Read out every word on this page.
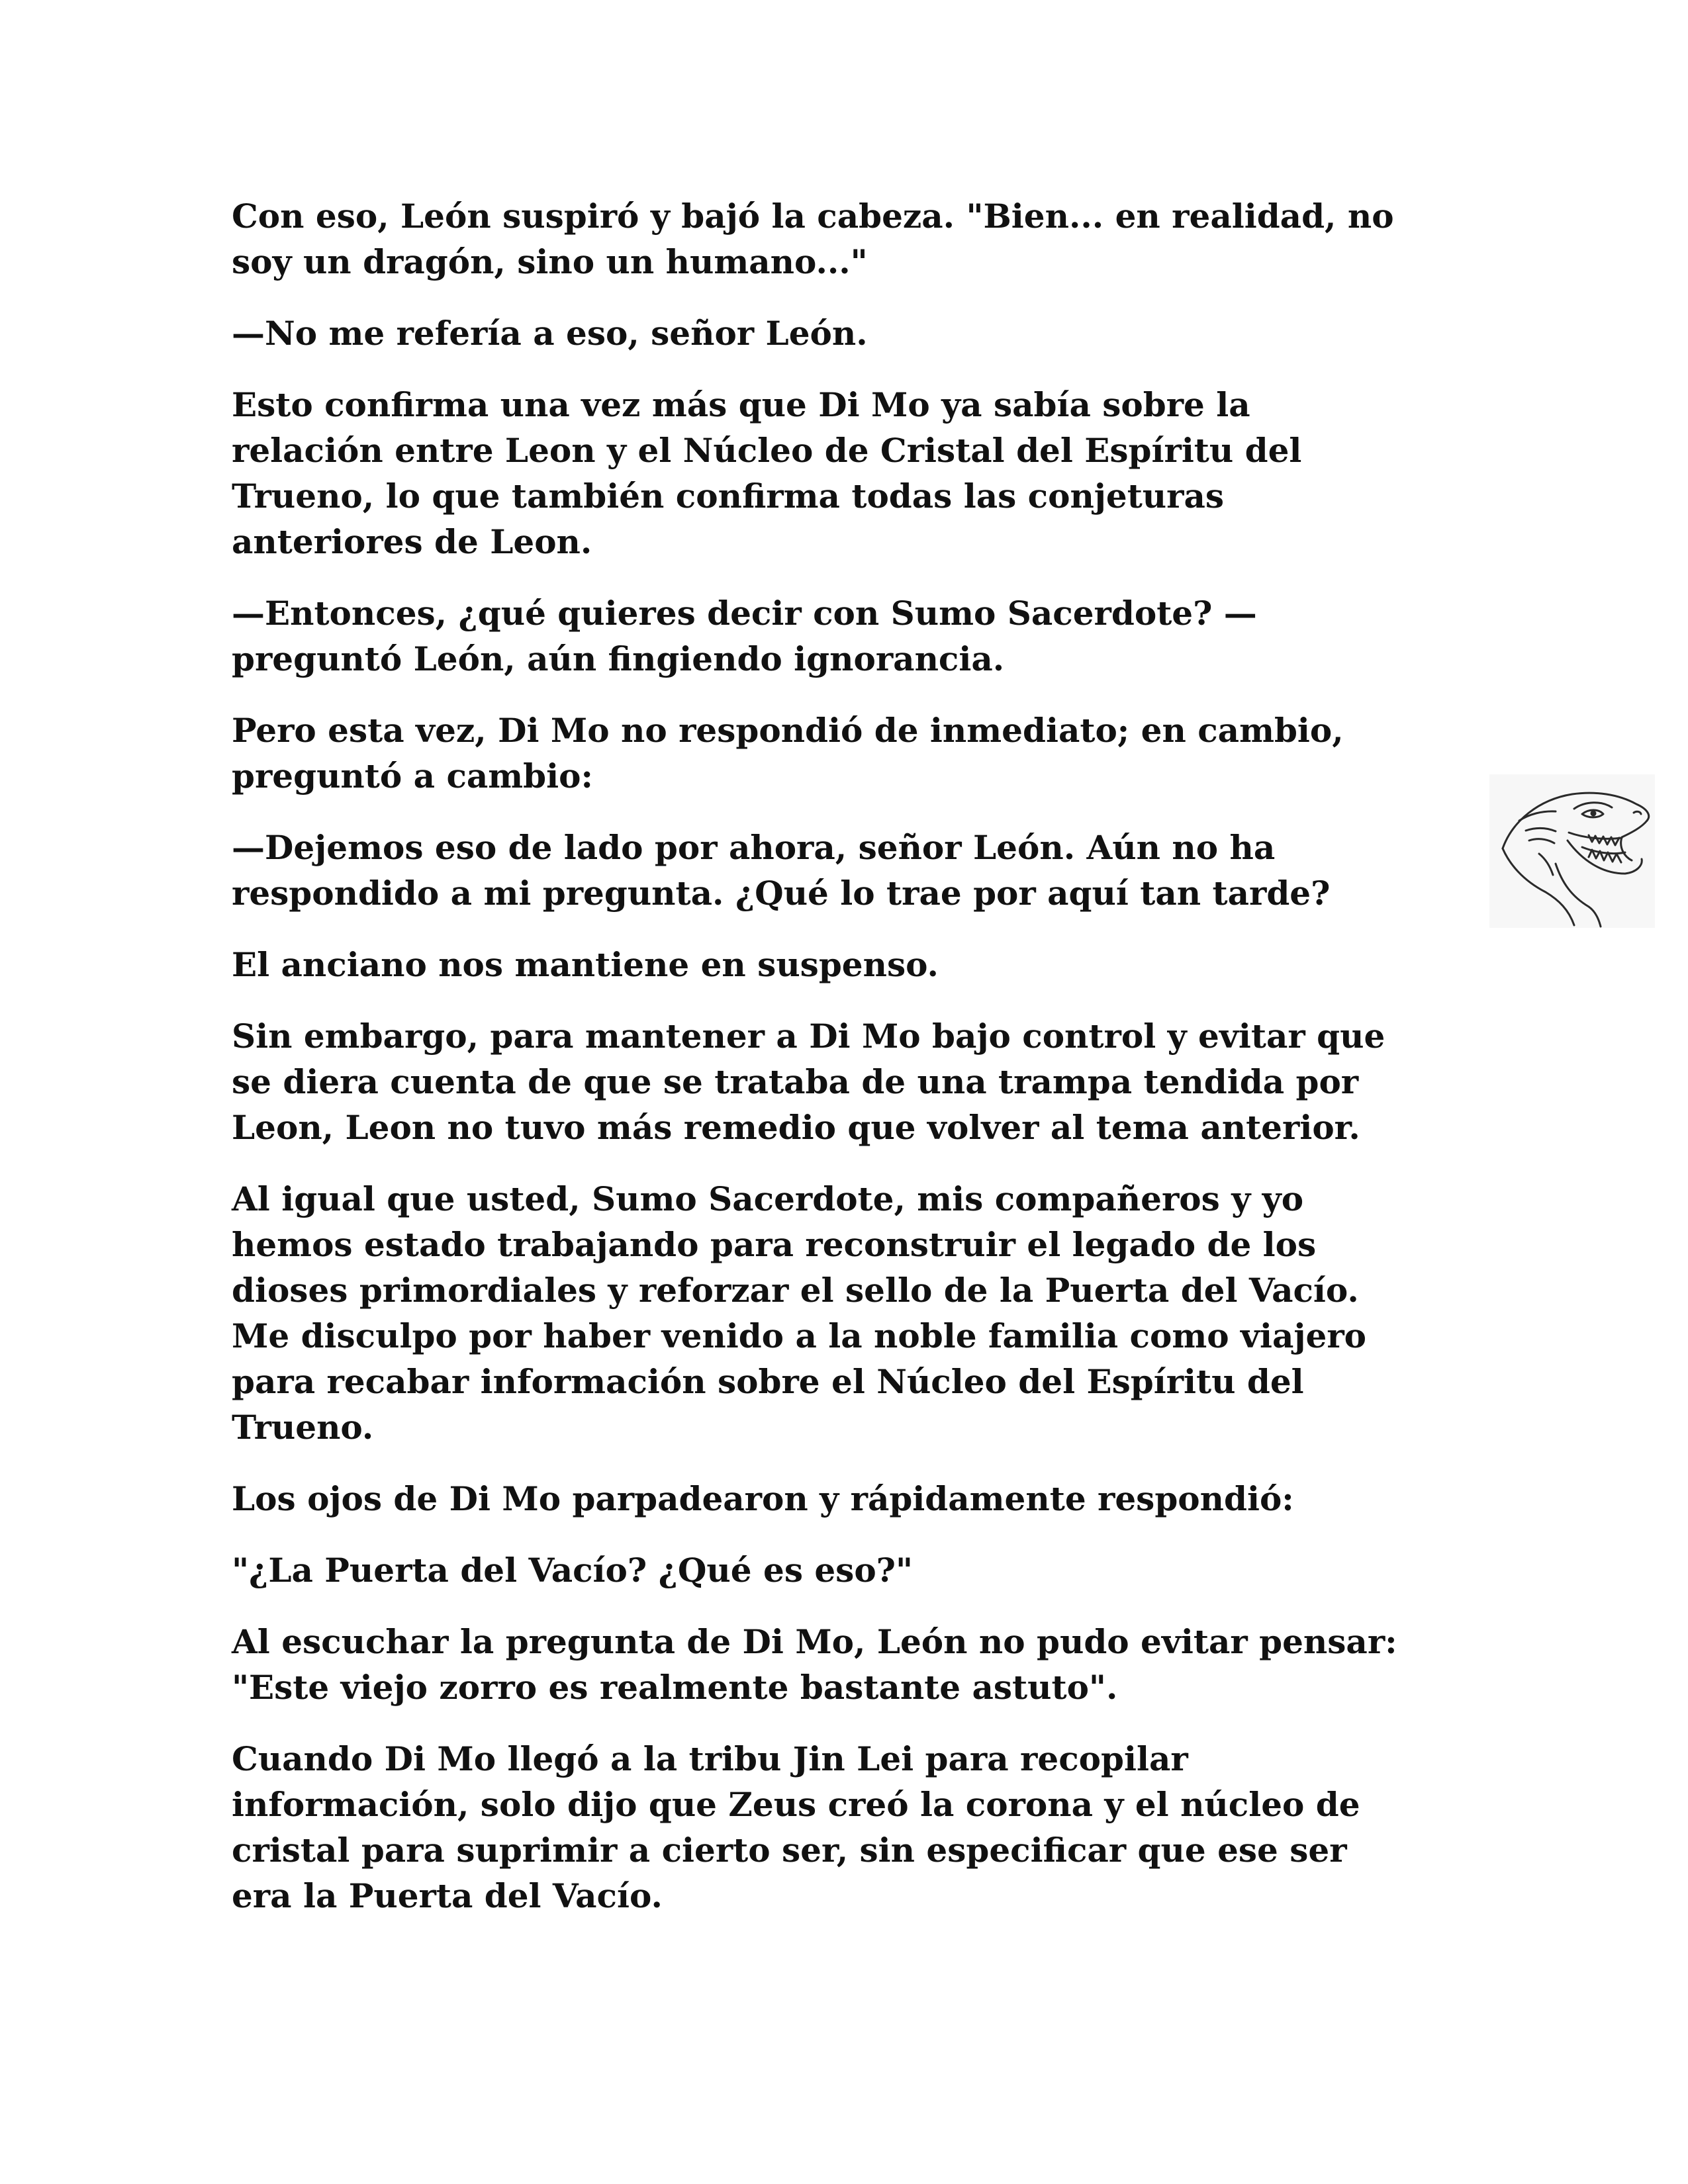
Con eso, León suspiró y bajó la cabeza. "Bien... en realidad, no
soy un dragón, sino un humano..."

—No me refería a eso, señor León.

Esto confirma una vez más que Di Mo ya sabía sobre la
relación entre Leon y el Núcleo de Cristal del Espíritu del
Trueno, lo que también confirma todas las conjeturas
anteriores de Leon.

—Entonces, ¿qué quieres decir con Sumo Sacerdote? —
preguntó León, aún fingiendo ignorancia.

Pero esta vez, Di Mo no respondió de inmediato; en cambio,
preguntó a cambio:

—Dejemos eso de lado por ahora, señor León. Aún no ha
respondido a mi pregunta. ¿Qué lo trae por aquí tan tarde?

El anciano nos mantiene en suspenso.

Sin embargo, para mantener a Di Mo bajo control y evitar que
se diera cuenta de que se trataba de una trampa tendida por
Leon, Leon no tuvo más remedio que volver al tema anterior.

Al igual que usted, Sumo Sacerdote, mis compañeros y yo
hemos estado trabajando para reconstruir el legado de los
dioses primordiales y reforzar el sello de la Puerta del Vacío.
Me disculpo por haber venido a la noble familia como viajero
para recabar información sobre el Núcleo del Espíritu del
Trueno.

Los ojos de Di Mo parpadearon y rápidamente respondió:

"¿La Puerta del Vacío? ¿Qué es eso?"

Al escuchar la pregunta de Di Mo, León no pudo evitar pensar:
"Este viejo zorro es realmente bastante astuto".

Cuando Di Mo llegó a la tribu Jin Lei para recopilar
información, solo dijo que Zeus creó la corona y el núcleo de
cristal para suprimir a cierto ser, sin especificar que ese ser
era la Puerta del Vacío.
